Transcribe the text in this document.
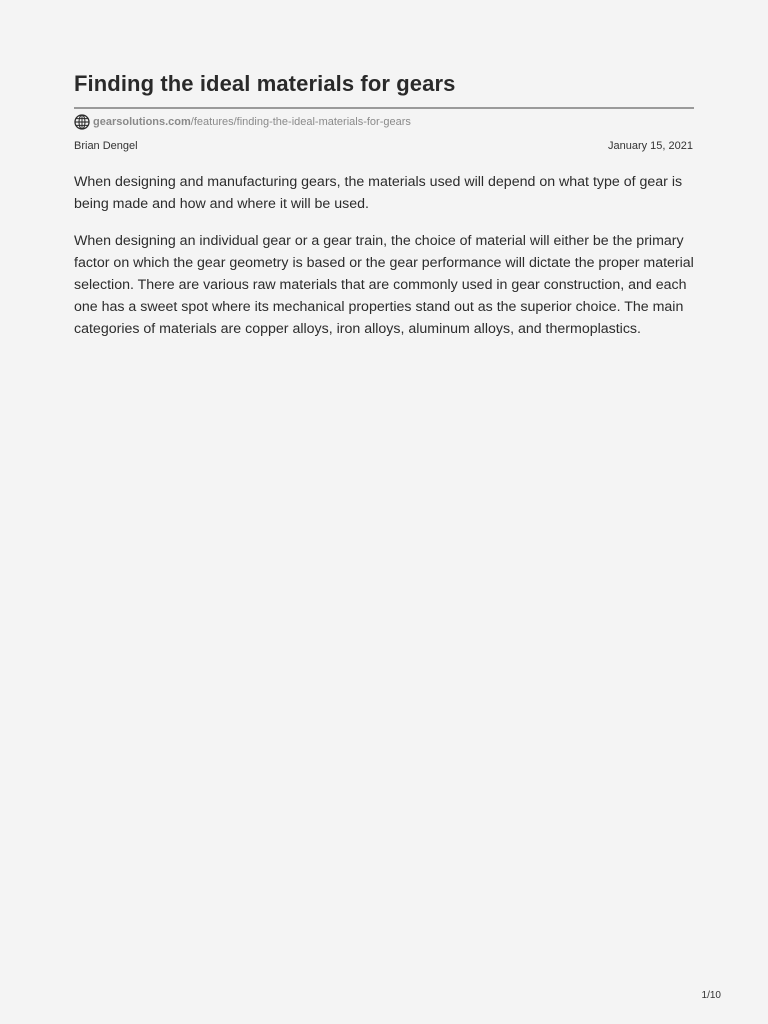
Finding the ideal materials for gears
gearsolutions.com/features/finding-the-ideal-materials-for-gears
Brian Dengel	January 15, 2021

When designing and manufacturing gears, the materials used will depend on what type of gear is being made and how and where it will be used.

When designing an individual gear or a gear train, the choice of material will either be the primary factor on which the gear geometry is based or the gear performance will dictate the proper material selection. There are various raw materials that are commonly used in gear construction, and each one has a sweet spot where its mechanical properties stand out as the superior choice. The main categories of materials are copper alloys, iron alloys, aluminum alloys, and thermoplastics.

1/10
